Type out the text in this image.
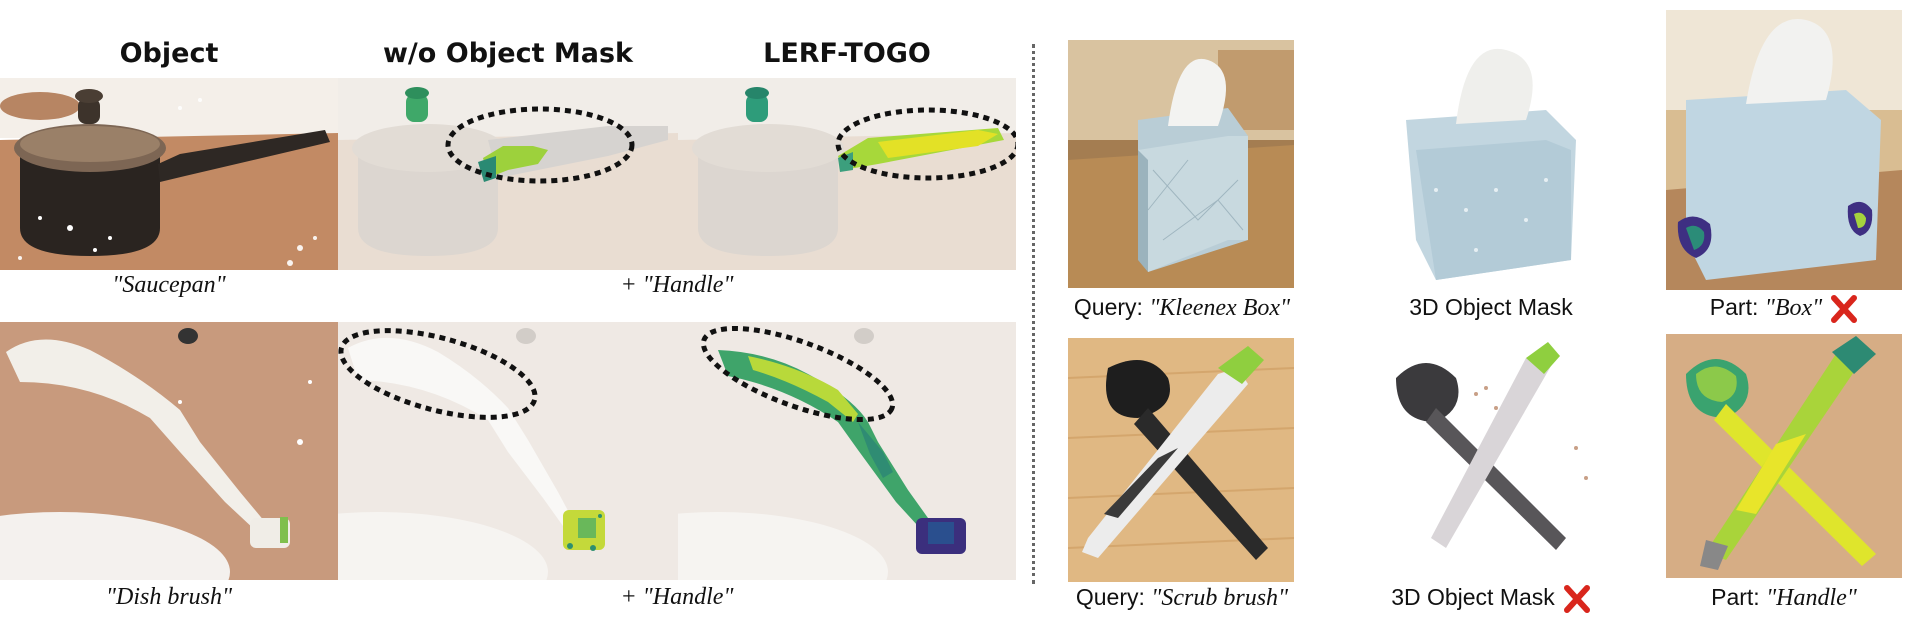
Object	w/o Object Mask	LERF-TOGO
"Saucepan"	+ "Handle"
"Dish brush"	+ "Handle"
Query: "Kleenex Box"	3D Object Mask	Part: "Box"
Query: "Scrub brush"	3D Object Mask	Part: "Handle"
